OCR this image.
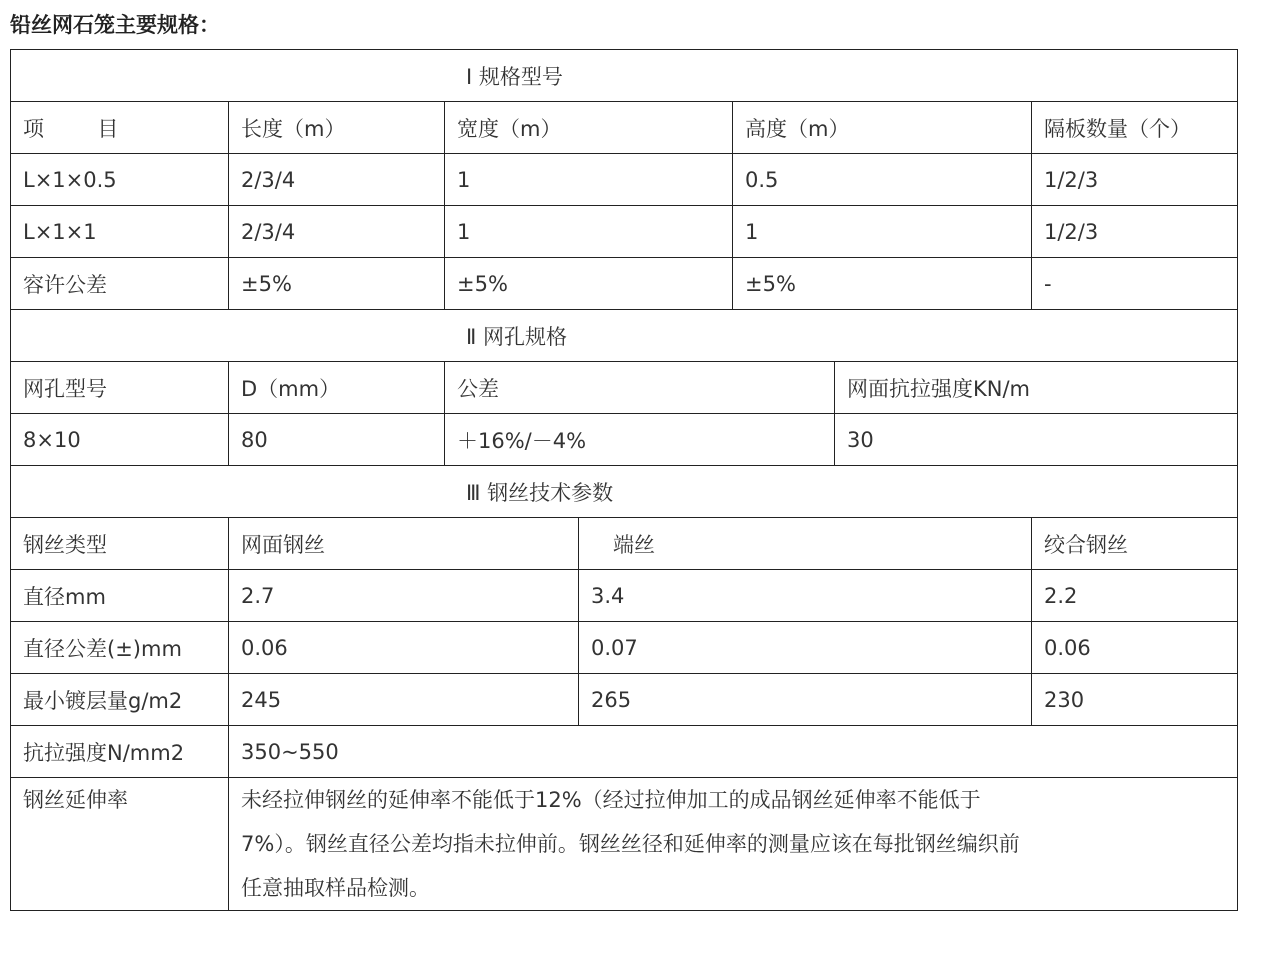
铅丝网石笼主要规格：
Ⅰ 规格型号						
项        目	长度（m）	宽度（m）		高度（m）		隔板数量（个）
L×1×0.5	2/3/4	1		0.5		1/2/3
L×1×1	2/3/4	1		1		1/2/3
容许公差	±5%	±5%		±5%		-
Ⅱ 网孔规格						
网孔型号	D（mm）	公差			网面抗拉强度KN/m	
8×10	80	＋16%/－4%			30	
Ⅲ 钢丝技术参数						
钢丝类型	网面钢丝		端丝			绞合钢丝
直径mm	2.7		3.4			2.2
直径公差(±)mm	0.06		0.07			0.06
最小镀层量g/m2	245		265			230
抗拉强度N/mm2	350~550					
钢丝延伸率	未经拉伸钢丝的延伸率不能低于12%（经过拉伸加工的成品钢丝延伸率不能低于
7%）。钢丝直径公差均指未拉伸前。钢丝丝径和延伸率的测量应该在每批钢丝编织前
任意抽取样品检测。					
